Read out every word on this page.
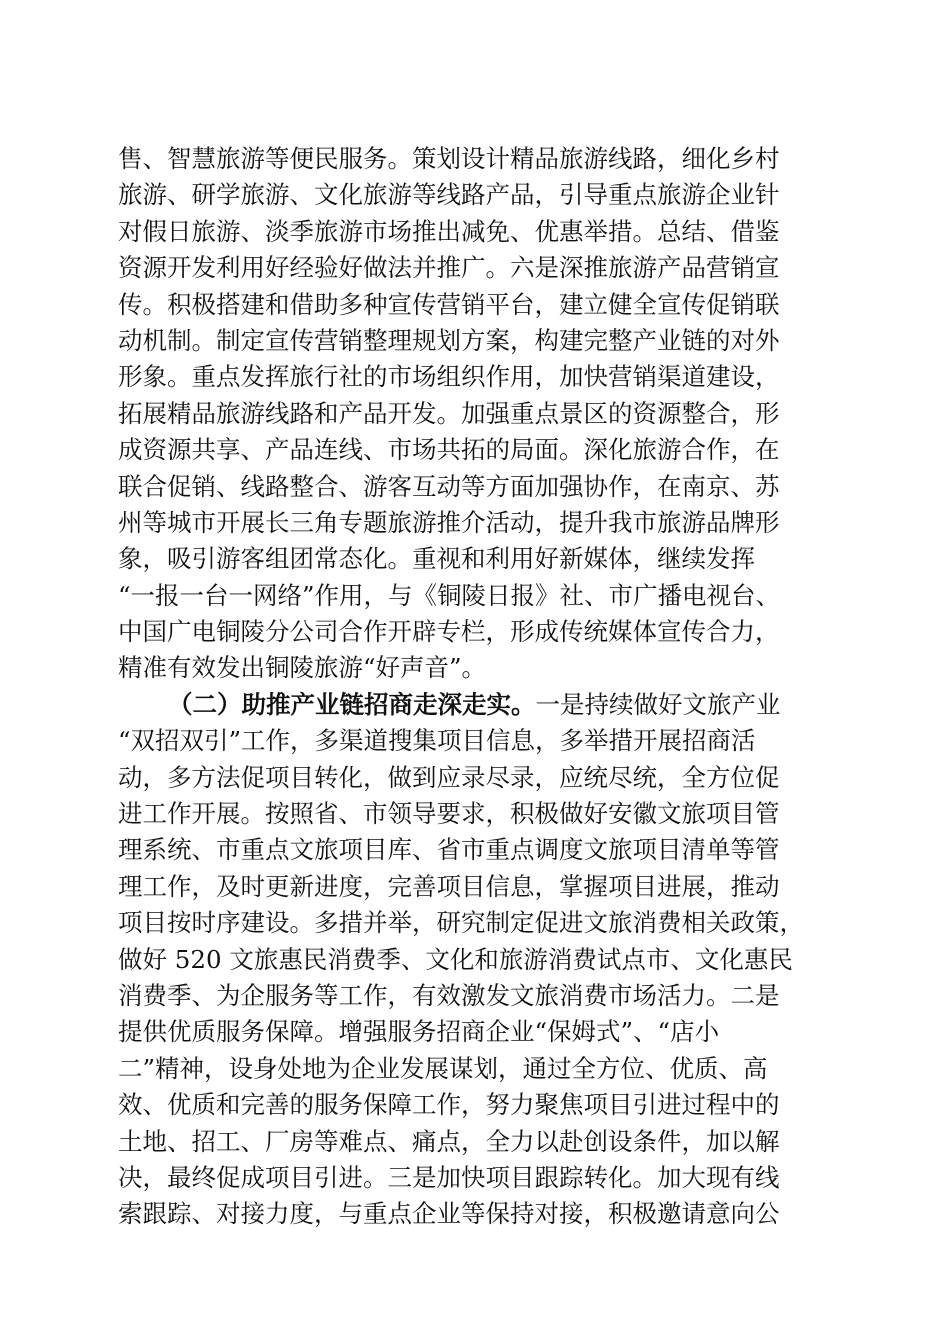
售、智慧旅游等便民服务。策划设计精品旅游线路，细化乡村
旅游、研学旅游、文化旅游等线路产品，引导重点旅游企业针
对假日旅游、淡季旅游市场推出减免、优惠举措。总结、借鉴
资源开发利用好经验好做法并推广。六是深推旅游产品营销宣
传。积极搭建和借助多种宣传营销平台，建立健全宣传促销联
动机制。制定宣传营销整理规划方案，构建完整产业链的对外
形象。重点发挥旅行社的市场组织作用，加快营销渠道建设，
拓展精品旅游线路和产品开发。加强重点景区的资源整合，形
成资源共享、产品连线、市场共拓的局面。深化旅游合作，在
联合促销、线路整合、游客互动等方面加强协作，在南京、苏
州等城市开展长三角专题旅游推介活动，提升我市旅游品牌形
象，吸引游客组团常态化。重视和利用好新媒体，继续发挥
“一报一台一网络”作用，与《铜陵日报》社、市广播电视台、
中国广电铜陵分公司合作开辟专栏，形成传统媒体宣传合力，
精准有效发出铜陵旅游“好声音”。
（二）助推产业链招商走深走实。一是持续做好文旅产业
“双招双引”工作，多渠道搜集项目信息，多举措开展招商活
动，多方法促项目转化，做到应录尽录，应统尽统，全方位促
进工作开展。按照省、市领导要求，积极做好安徽文旅项目管
理系统、市重点文旅项目库、省市重点调度文旅项目清单等管
理工作，及时更新进度，完善项目信息，掌握项目进展，推动
项目按时序建设。多措并举，研究制定促进文旅消费相关政策，
做好 520 文旅惠民消费季、文化和旅游消费试点市、文化惠民
消费季、为企服务等工作，有效激发文旅消费市场活力。二是
提供优质服务保障。增强服务招商企业“保姆式”、“店小
二”精神，设身处地为企业发展谋划，通过全方位、优质、高
效、优质和完善的服务保障工作，努力聚焦项目引进过程中的
土地、招工、厂房等难点、痛点，全力以赴创设条件，加以解
决，最终促成项目引进。三是加快项目跟踪转化。加大现有线
索跟踪、对接力度，与重点企业等保持对接，积极邀请意向公
